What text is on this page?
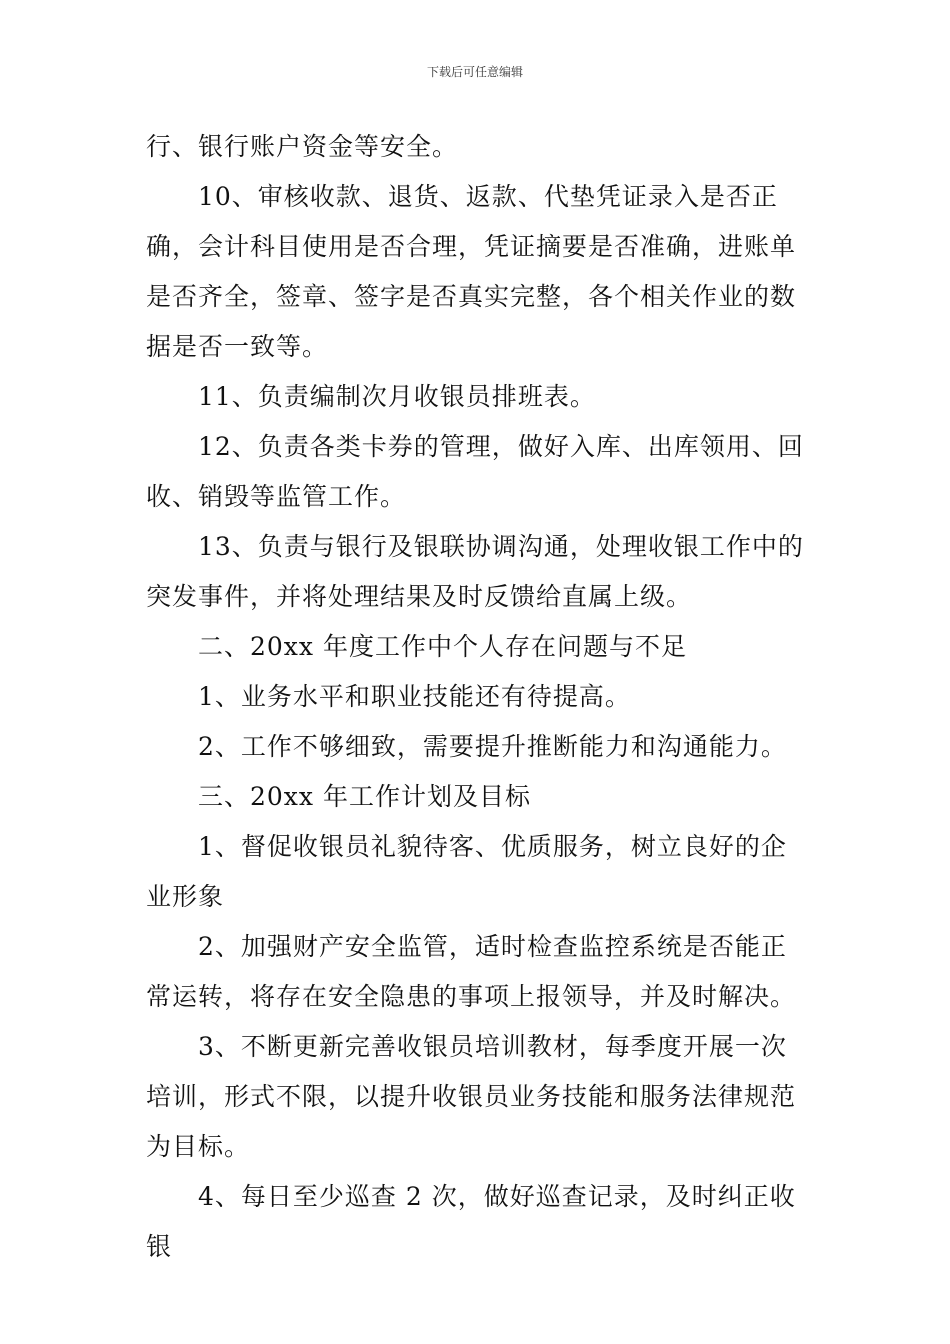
下载后可任意编辑

行、银行账户资金等安全。

10、审核收款、退货、返款、代垫凭证录入是否正确，会计科目使用是否合理，凭证摘要是否准确，进账单是否齐全，签章、签字是否真实完整，各个相关作业的数据是否一致等。

11、负责编制次月收银员排班表。

12、负责各类卡券的管理，做好入库、出库领用、回收、销毁等监管工作。

13、负责与银行及银联协调沟通，处理收银工作中的突发事件，并将处理结果及时反馈给直属上级。

二、20xx 年度工作中个人存在问题与不足

1、业务水平和职业技能还有待提高。

2、工作不够细致，需要提升推断能力和沟通能力。

三、20xx 年工作计划及目标

1、督促收银员礼貌待客、优质服务，树立良好的企业形象

2、加强财产安全监管，适时检查监控系统是否能正常运转，将存在安全隐患的事项上报领导，并及时解决。

3、不断更新完善收银员培训教材，每季度开展一次培训，形式不限，以提升收银员业务技能和服务法律规范为目标。

4、每日至少巡查 2 次，做好巡查记录，及时纠正收银
